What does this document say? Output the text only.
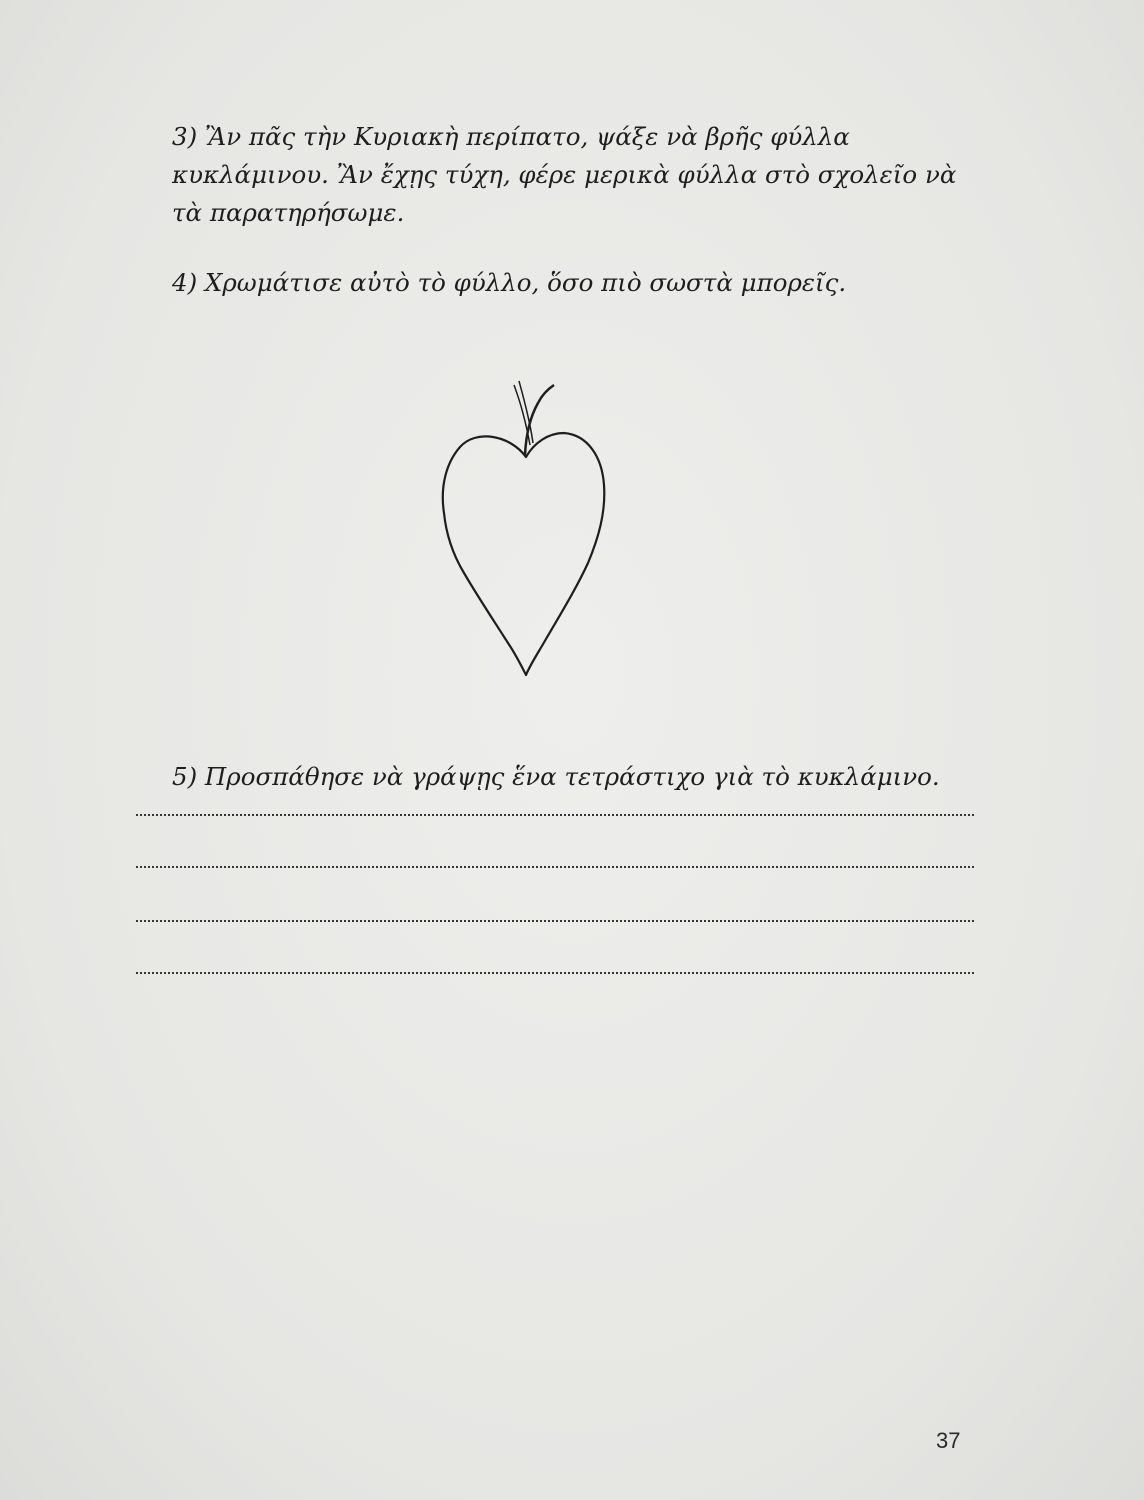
3) Ἂν πᾶς τὴν Κυριακὴ περίπατο, ψάξε νὰ βρῆς φύλλα κυκλάμινου. Ἂν ἔχῃς τύχη, φέρε μερικὰ φύλλα στὸ σχολεῖο νὰ τὰ παρατηρήσωμε.
4) Χρωμάτισε αὐτὸ τὸ φύλλο, ὅσο πιὸ σωστὰ μπορεῖς.
5) Προσπάθησε νὰ γράψῃς ἕνα τετράστιχο γιὰ τὸ κυκλάμινο.
37
